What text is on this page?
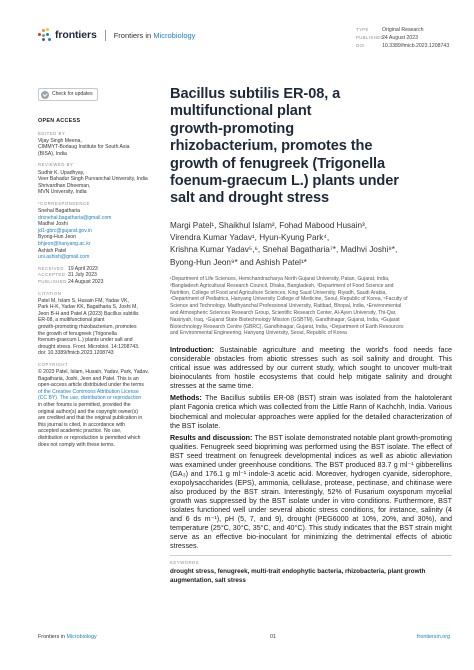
frontiers Frontiers in Microbiology
TYPE	Original Research
PUBLISHED24 August 2023
DOI	10.3389/fmicb.2023.1208743
Check for updates
OPEN ACCESS
EDITED BY
Vijay Singh Meena,
CIMMYT-Borlaug Institute for South Asia
(BISA), India
REVIEWED BY
Sudhir K. Upadhyay,
Veer Bahadur Singh Purvanchal University, India
Shrivardhan Dheeman,
MVN University, India
*CORRESPONDENCE
Snehal Bagatharia
drsnehal.bagatharia@gmail.com
Madhvi Joshi
jd1-gbrc@gujarat.gov.in
Byong-Hun Jeon
bhjeon@hanyang.ac.kr
Ashish Patel
uni.ashish@gmail.com
RECEIVED 19 April 2023
ACCEPTED 31 July 2023
PUBLISHED 24 August 2023
CITATION
Patel M, Islam S, Husain FM, Yadav VK,
Park H-K, Yadav KK, Bagatharia S, Joshi M,
Jeon B-H and Patel A (2023) Bacillus subtilis
ER-08, a multifunctional plant
growth-promoting rhizobacterium, promotes
the growth of fenugreek (Trigonella
foenum-graecum L.) plants under salt and
drought stress. Front. Microbiol. 14:1208743.
doi: 10.3389/fmicb.2023.1208743
COPYRIGHT
© 2023 Patel, Islam, Husain, Yadav, Park, Yadav,
Bagatharia, Joshi, Jeon and Patel. This is an
open-access article distributed under the terms
of the Creative Commons Attribution License
(CC BY). The use, distribution or reproduction
in other forums is permitted, provided the
original author(s) and the copyright owner(s)
are credited and that the original publication in
this journal is cited, in accordance with
accepted academic practice. No use,
distribution or reproduction is permitted which
does not comply with these terms.
Bacillus subtilis ER-08, a
multifunctional plant
growth-promoting
rhizobacterium, promotes the
growth of fenugreek (Trigonella
foenum-graecum L.) plants under
salt and drought stress
Margi Patel¹, Shaikhul Islam², Fohad Mabood Husain³,
Virendra Kumar Yadav¹, Hyun-Kyung Park⁴,
Krishna Kumar Yadav⁵,⁶, Snehal Bagatharia⁷*, Madhvi Joshi⁸*,
Byong-Hun Jeon⁹* and Ashish Patel¹*
¹Department of Life Sciences, Hemchandracharya North Gujarat University, Patan, Gujarat, India,
²Bangladesh Agricultural Research Council, Dhaka, Bangladesh, ³Department of Food Science and
Nutrition, College of Food and Agriculture Sciences, King Saud University, Riyadh, Saudi Arabia,
⁴Department of Pediatrics, Hanyang University College of Medicine, Seoul, Republic of Korea, ⁵Faculty of
Science and Technology, Madhyanchal Professional University, Ratibad, Bhopal, India, ⁶Environmental
and Atmospheric Sciences Research Group, Scientific Research Center, Al-Ayen University, Thi-Qar,
Nasiriyah, Iraq, ⁷Gujarat State Biotechnology Mission (GSBTM), Gandhinagar, Gujarat, India, ⁸Gujarat
Biotechnology Research Centre (GBRC), Gandhinagar, Gujarat, India, ⁹Department of Earth Resources
and Environmental Engineering, Hanyang University, Seoul, Republic of Korea

Introduction: Sustainable agriculture and meeting the world's food needs face considerable obstacles from abiotic stresses such as soil salinity and drought. This critical issue was addressed by our current study, which sought to uncover multi-trait bioinoculants from hostile ecosystems that could help mitigate salinity and drought stresses at the same time.

Methods: The Bacillus subtilis ER-08 (BST) strain was isolated from the halotolerant plant Fagonia cretica which was collected from the Little Rann of Kachchh, India. Various biochemical and molecular approaches were applied for the detailed characterization of the BST isolate.

Results and discussion: The BST isolate demonstrated notable plant growth-promoting qualities. Fenugreek seed biopriming was performed using the BST isolate. The effect of BST seed treatment on fenugreek developmental indices as well as abiotic alleviation was examined under greenhouse conditions. The BST produced 83.7 g ml⁻¹ gibberellins (GA₃) and 176.1 g ml⁻¹ indole-3 acetic acid. Moreover, hydrogen cyanide, siderophore, exopolysaccharides (EPS), ammonia, cellulase, protease, pectinase, and chitinase were also produced by the BST strain. Interestingly, 52% of Fusarium oxysporum mycelial growth was suppressed by the BST isolate under in vitro conditions. Furthermore, BST isolates functioned well under several abiotic stress conditions, for instance, salinity (4 and 6 ds m⁻¹), pH (5, 7, and 9), drought (PEG6000 at 10%, 20%, and 30%), and temperature (25°C, 30°C, 35°C, and 40°C). This study indicates that the BST strain might serve as an effective bio-inoculant for minimizing the detrimental effects of abiotic stresses.

KEYWORDS
drought stress, fenugreek, multi-trait endophytic bacteria, rhizobacteria, plant growth
augmentation, salt stress
Frontiers in Microbiology	01	frontiersin.org
